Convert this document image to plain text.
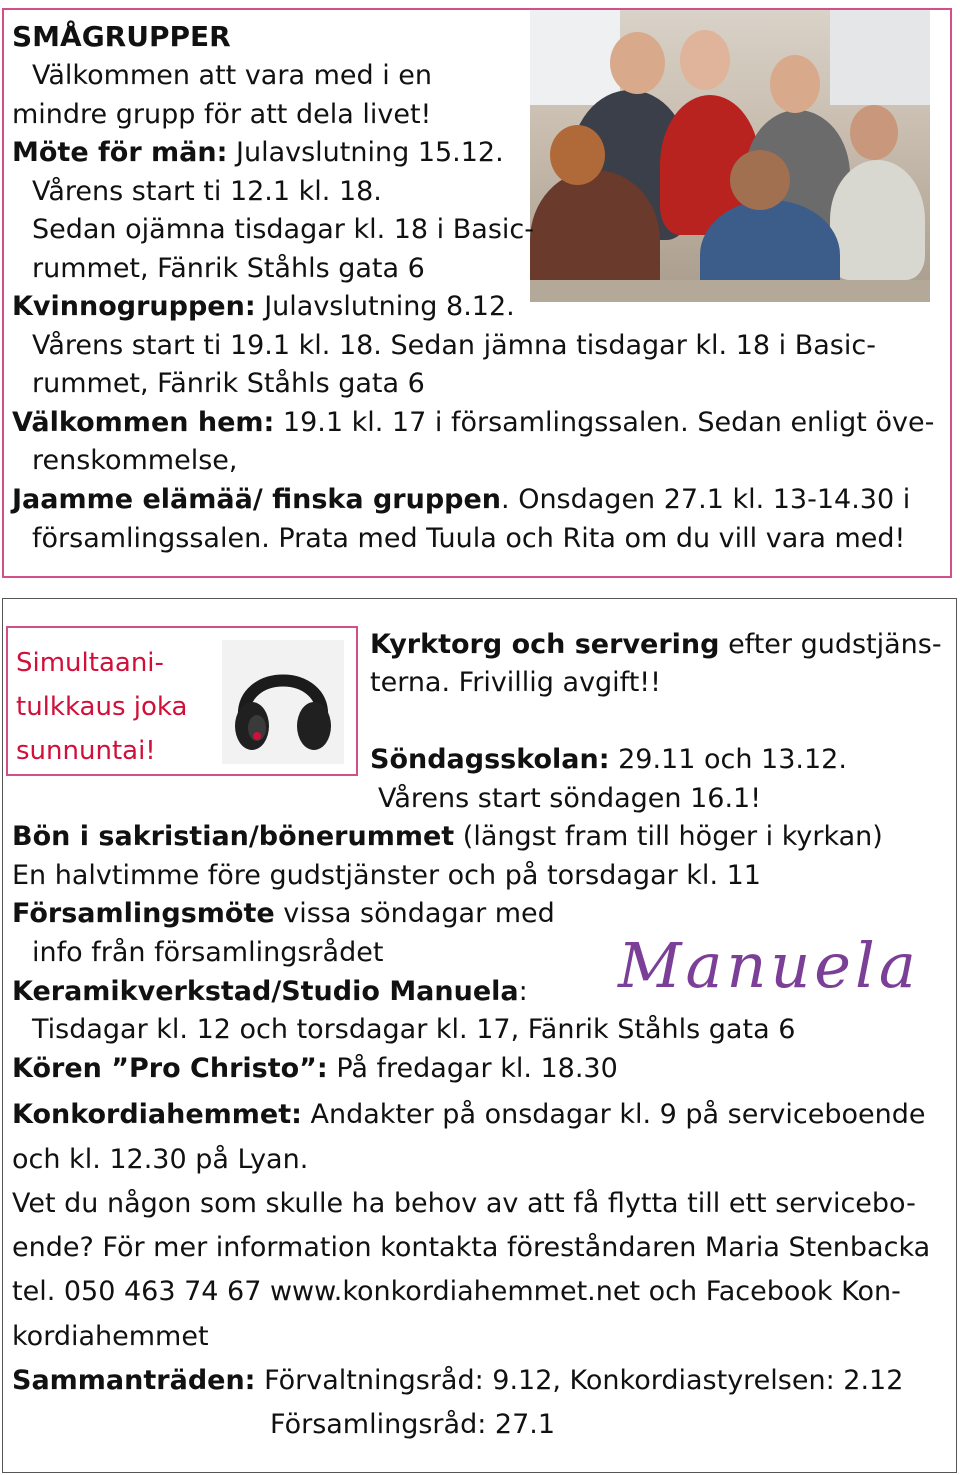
SMÅGRUPPER
Välkommen att vara med i en
mindre grupp för att dela livet!
Möte för män: Julavslutning 15.12.
Vårens start ti 12.1 kl. 18.
Sedan ojämna tisdagar kl. 18 i Basic-
rummet, Fänrik Ståhls gata 6
Kvinnogruppen: Julavslutning 8.12.
Vårens start ti 19.1 kl. 18. Sedan jämna tisdagar kl. 18 i Basic-
rummet, Fänrik Ståhls gata 6
Välkommen hem: 19.1 kl. 17 i församlingssalen. Sedan enligt öve-
renskommelse,
Jaamme elämää/ finska gruppen. Onsdagen 27.1 kl. 13-14.30 i
församlingssalen. Prata med Tuula och Rita om du vill vara med!
Simultaani-
tulkkaus joka
sunnuntai!
Kyrktorg och servering efter gudstjäns-
terna. Frivillig avgift!!
Söndagsskolan: 29.11 och 13.12.
Vårens start söndagen 16.1!
Bön i sakristian/bönerummet (längst fram till höger i kyrkan)
En halvtimme före gudstjänster och på torsdagar kl. 11
Församlingsmöte vissa söndagar med
info från församlingsrådet	Manuela
Keramikverkstad/Studio Manuela:
Tisdagar kl. 12 och torsdagar kl. 17, Fänrik Ståhls gata 6
Kören ”Pro Christo”: På fredagar kl. 18.30
Konkordiahemmet: Andakter på onsdagar kl. 9 på serviceboende
och kl. 12.30 på Lyan.
Vet du någon som skulle ha behov av att få flytta till ett servicebo-
ende? För mer information kontakta föreståndaren Maria Stenbacka
tel. 050 463 74 67 www.konkordiahemmet.net och Facebook Kon-
kordiahemmet
Sammanträden: Förvaltningsråd: 9.12, Konkordiastyrelsen: 2.12
Församlingsråd: 27.1
